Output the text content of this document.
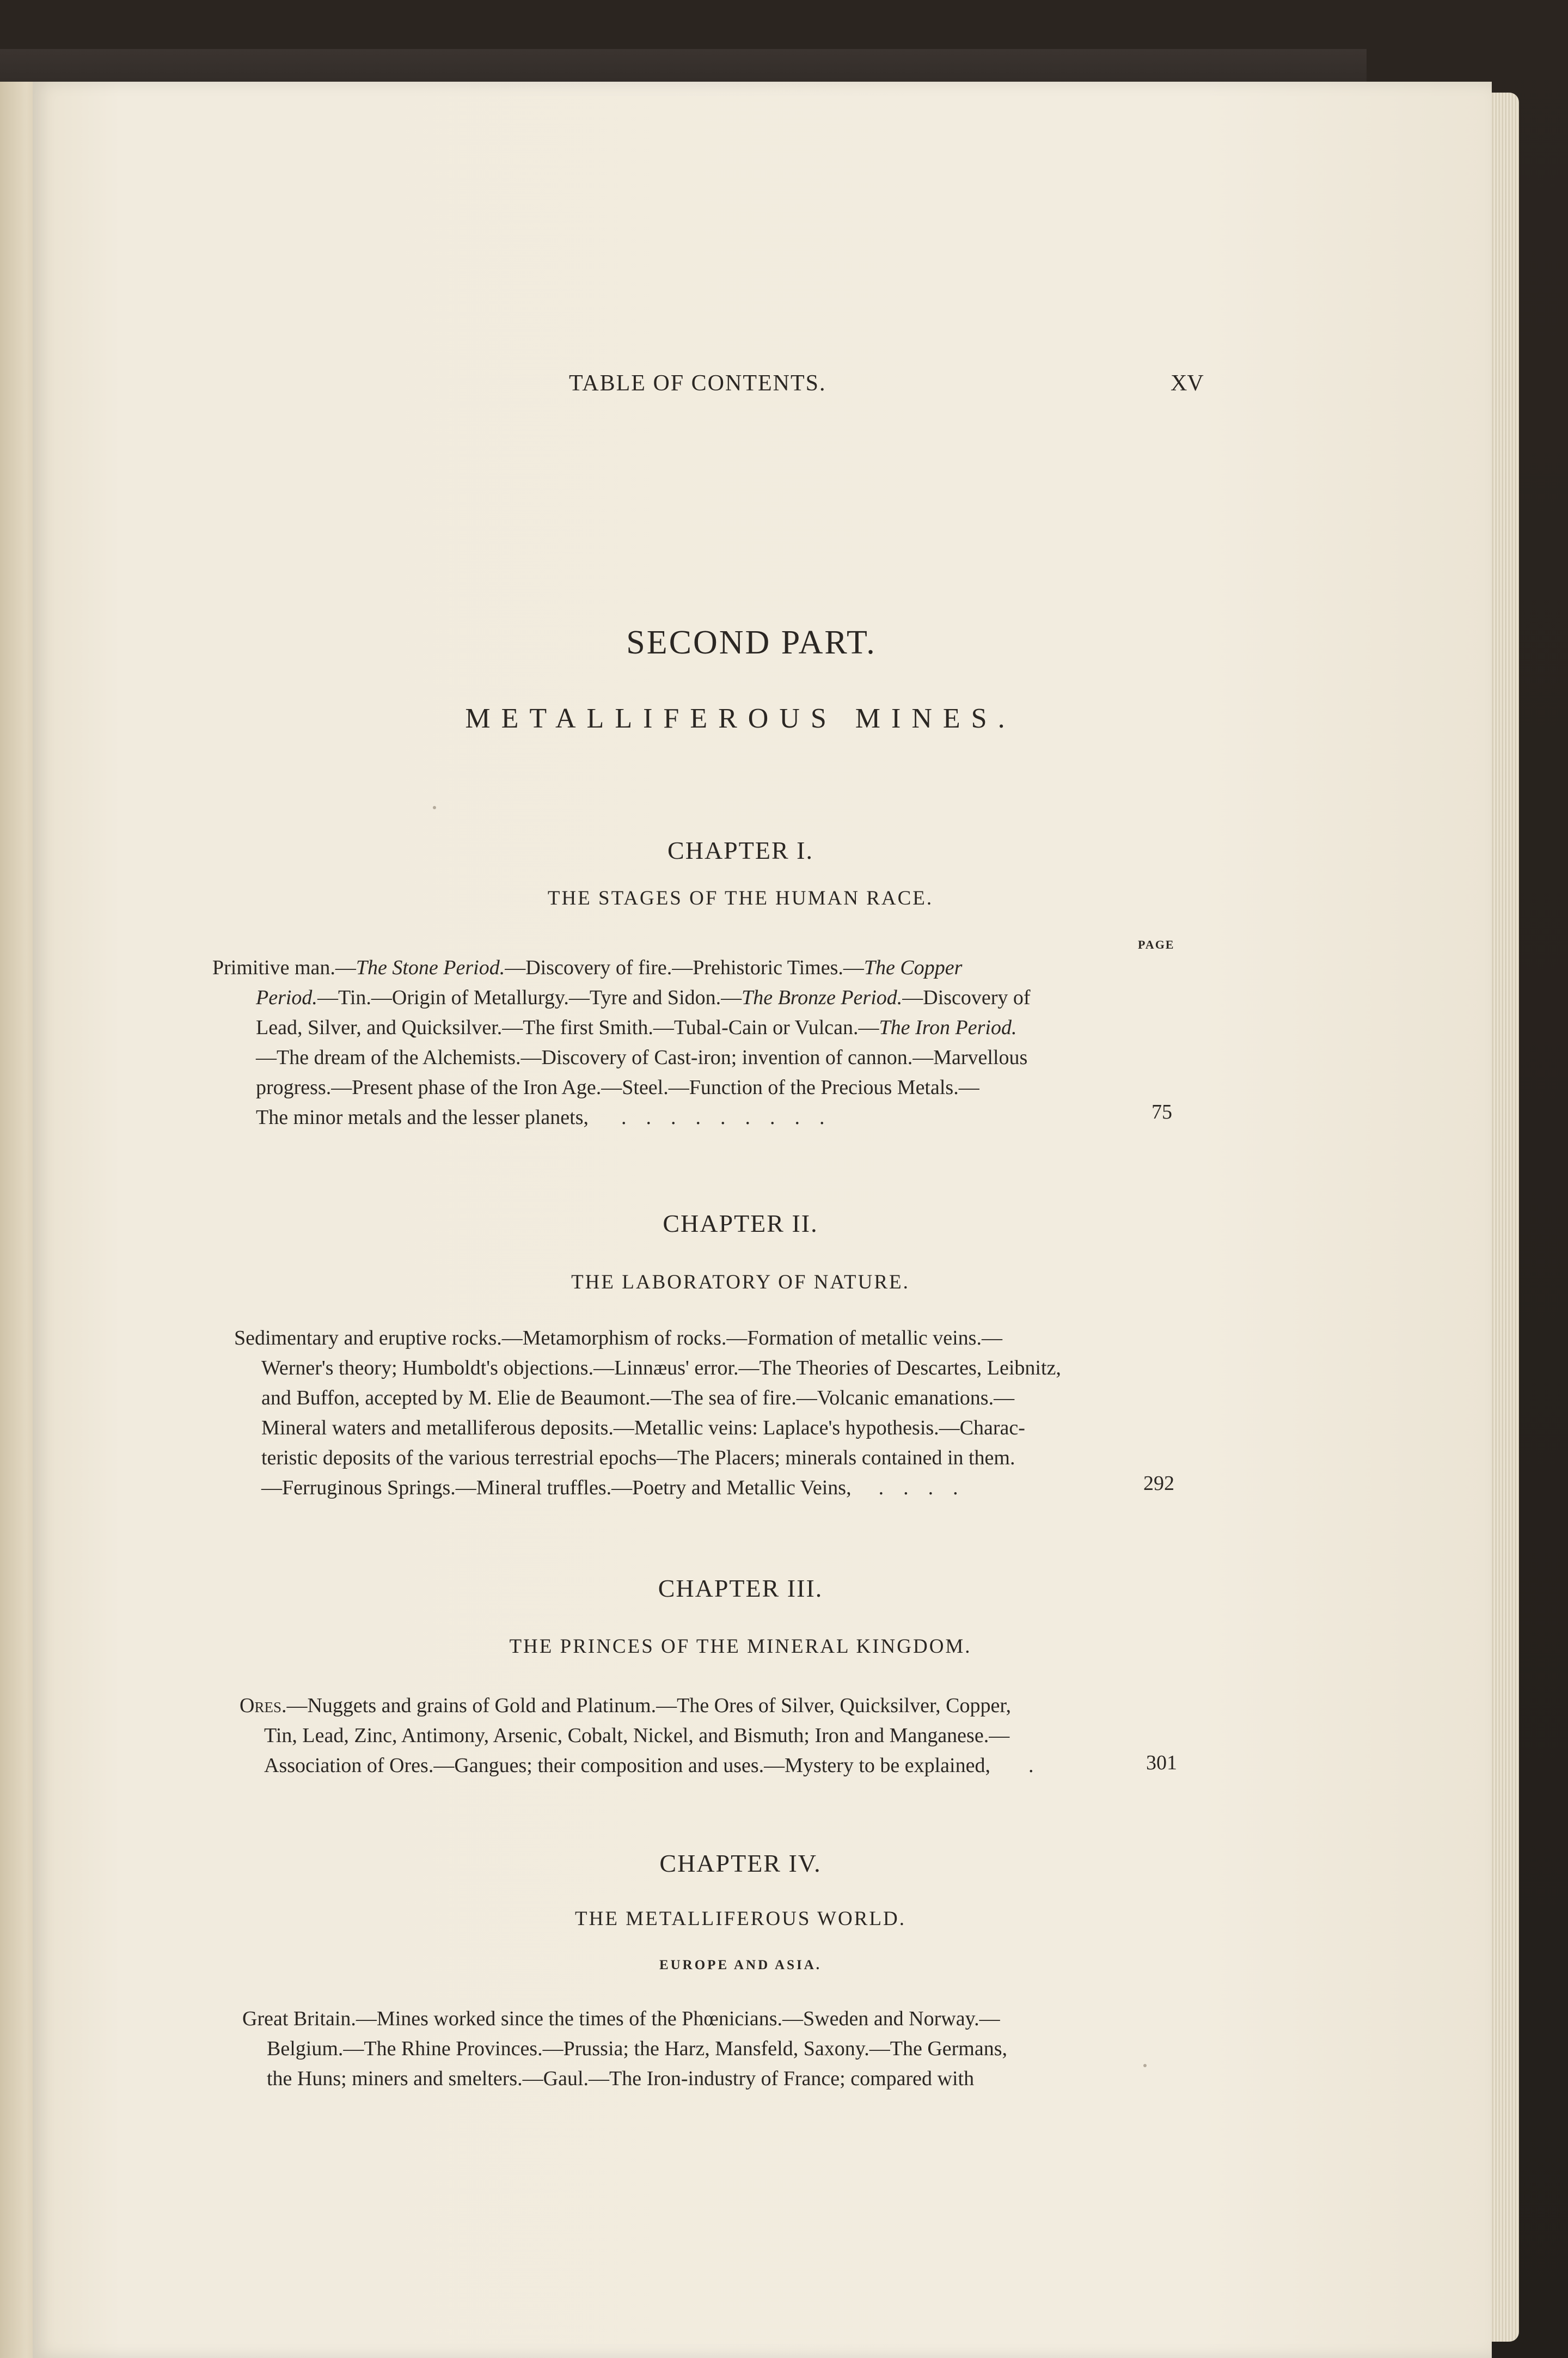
TABLE OF CONTENTS.	XV
SECOND PART.
METALLIFEROUS MINES.
CHAPTER I.
THE STAGES OF THE HUMAN RACE.
PAGE
Primitive man.—The Stone Period.—Discovery of fire.—Prehistoric Times.—The Copper
Period.—Tin.—Origin of Metallurgy.—Tyre and Sidon.—The Bronze Period.—Discovery of
Lead, Silver, and Quicksilver.—The first Smith.—Tubal-Cain or Vulcan.—The Iron Period.
—The dream of the Alchemists.—Discovery of Cast-iron; invention of cannon.—Marvellous
progress.—Present phase of the Iron Age.—Steel.—Function of the Precious Metals.—
The minor metals and the lesser planets, .........	75
CHAPTER II.
THE LABORATORY OF NATURE.
Sedimentary and eruptive rocks.—Metamorphism of rocks.—Formation of metallic veins.—
Werner's theory; Humboldt's objections.—Linnæus' error.—The Theories of Descartes, Leibnitz,
and Buffon, accepted by M. Elie de Beaumont.—The sea of fire.—Volcanic emanations.—
Mineral waters and metalliferous deposits.—Metallic veins: Laplace's hypothesis.—Charac-
teristic deposits of the various terrestrial epochs—The Placers; minerals contained in them.
—Ferruginous Springs.—Mineral truffles.—Poetry and Metallic Veins, ....	292
CHAPTER III.
THE PRINCES OF THE MINERAL KINGDOM.
Ores.—Nuggets and grains of Gold and Platinum.—The Ores of Silver, Quicksilver, Copper,
Tin, Lead, Zinc, Antimony, Arsenic, Cobalt, Nickel, and Bismuth; Iron and Manganese.—
Association of Ores.—Gangues; their composition and uses.—Mystery to be explained, .	301
CHAPTER IV.
THE METALLIFEROUS WORLD.
EUROPE AND ASIA.
Great Britain.—Mines worked since the times of the Phœnicians.—Sweden and Norway.—
Belgium.—The Rhine Provinces.—Prussia; the Harz, Mansfeld, Saxony.—The Germans,
the Huns; miners and smelters.—Gaul.—The Iron-industry of France; compared with
